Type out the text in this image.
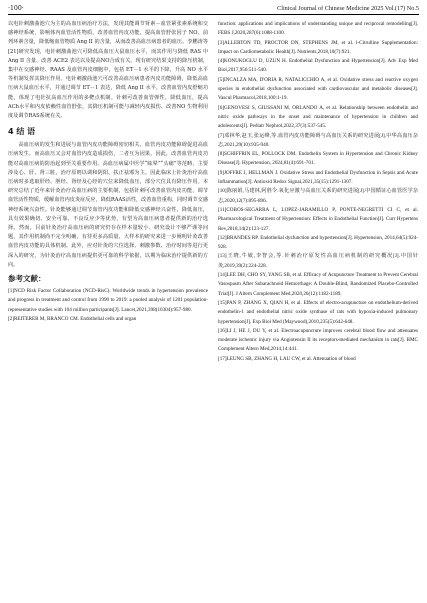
·100·	Clinical Journal of Chinese Medicine 2025 Vol.(17) No.5

以电针刺激曲池穴为主的高血压病治疗方法，发现其能调节肾素－血管紧张素系统和交感神经系统，影响体内血管活性物质，改善血管内皮功能，提高血管舒张因子 NO、前列环素含量，降低缩血管物质 Ang II 的含量，从而改善高血压病患者的血压。李鹏涛等[21]研究发现，电针刺激曲池穴可降低高血压大鼠血压水平，而其作用与降低 RAS 中 Ang II 含量、改善 ACE2 表达以及提高NO合成有关。现有研究结果支持的降压机制，集中在交感神经、RAAS 及血管内皮细胞中，包括 ET－1 水平的下降，升高 NO 水平等机制发挥其降压作用。电针刺激曲池穴可改善高血压病患者内皮功能障碍，降低高血压病大鼠血压水平，并通过调节 ET－1 表达，降低 Ang II 水平，改善血管内皮舒缩功能，体现了电针抗高血压作用的多靶点机制。针刺可改善血管弹性，降低血压，提高ACh水平和内皮依赖性血管舒张，其降压机制可能与减轻内皮损伤、改善NO 生物利用度及调节RAS系统有关。

4 结 语

高血压病的发生和进展与血管内皮功能障碍密切相关，血管内皮功能障碍促进高血压病发生，而高血压又会对血管内皮造成损伤，二者互为因果。因此，改善血管内皮功能对高血压病的防治起到至关重要作用。高血压病属中医学“眩晕”“头痛”等范畴，主要涉及心、肝、肾三脏，治疗原则以调和阴阳、扶正祛邪为主。因此临床上针灸治疗高血压病时多选取肝经、胆经、肾经及心经的穴位来降低血压，部分穴位具有降压作用。本研究总结了近年来针灸治疗高血压病的主要机制，包括针刺可改善血管内皮功能，调节血管活性物质，缓解血管内皮炎症反应，降低RAAS活性，改善血管重构，同时调节交感神经系统兴奋性。针灸能够通过调节血管内皮功能和降低交感神经兴奋性，降低血压，具有效果确切、安全可靠、不良反应少等优势，有望为高血压病患者提供新的治疗选择。然而，目前针灸治疗高血压病的研究仍存在样本量较小、研究设计不够严谨等问题，其作用机制尚不完全明确，有待更多高质量、大样本的研究来进一步阐明针灸改善血管内皮功能的具体机制。此外，应对针灸的穴位选择、刺激参数、治疗时间等进行更深入的研究，为针灸治疗高血压病提供更可靠的科学依据，以期为临床治疗提供新的方向。

参考文献：

[1]NCD Risk Factor Collaboration (NCD-RisC). Worldwide trends in hypertension prevalence and progress in treatment and control from 1990 to 2019: a pooled analysis of 1201 population-representative studies with 104 million participants[J]. Lancet,2021,398(10304):957-980.

[2]REITERER M, BRANCO CM. Endothelial cells and organ

function: applications and implications of understanding unique and reciprocal remodelling[J]. FEBS J,2020,287(6):1088-1100.

[3]ALLERTON TD, PROCTOR DN, STEPHENS JM, et al. l-Citrulline Supplementation: Impact on Cardiometabolic Health[J]. Nutrients,2018,10(7):921.

[4]KONUKOGLU D, UZUN H. Endothelial Dysfunction and Hypertension[J]. Adv Exp Med Biol,2017,956:511-540.

[5]INCALZA MA, D'ORIA R, NATALICCHIO A, et al. Oxidative stress and reactive oxygen species in endothelial dysfunction associated with cardiovascular and metabolic diseases[J]. Vascul Pharmacol,2018,100:1-19.

[6]GENOVESI S, GIUSSANI M, ORLANDO A, et al. Relationship between endothelin and nitric oxide pathways in the onset and maintenance of hypertension in children and adolescents[J]. Pediatr Nephrol,2022,37(3):537-545.

[7]邓林华,赵玉,张运峰,等.血管内皮功能障碍与高血压关系的研究进展[J].中华高血压杂志,2021,29(10):935-940.

[8]SCHIFFRIN EL, POLLOCK DM. Endothelin System in Hypertension and Chronic Kidney Disease[J]. Hypertension, 2024,81(4):691-701.

[9]JOFFRE J, HELLMAN J. Oxidative Stress and Endothelial Dysfunction in Sepsis and Acute Inflammation[J]. Antioxid Redox Signal,2021,35(15):1291-1307.

[10]陈丽娟,马建林,阿胜令.氧化应激与高血压关系的研究进展[J].中国循证心血管医学杂志,2020,12(7):895-896.

[11]COBOS-SEGARRA L, LOPEZ-JARAMILLO P, PONTE-NEGRETTI CI C, et al. Pharmacological Treatment of Hypertension: Effects in Endothelial Function[J]. Curr Hypertens Rev,2018,14(2):123-127.

[12]BRANDES RP. Endothelial dysfunction and hypertension[J]. Hypertension, 2014,64(5):924-928.

[13]王晓,牛敏,李智会,等.针刺治疗原发性高血压病机制的研究概况[J].中国针灸,2019,39(2):224-228.

[14]LEE DH, CHO SY, YANG SB, et al. Efficacy of Acupuncture Treatment to Prevent Cerebral Vasospasm After Subarachnoid Hemorrhage: A Double-Blind, Randomized Placebo-Controlled Trial[J]. J Altern Complement Med,2020,26(12):1182-1189.

[15]PAN P, ZHANG X, QIAN H, et al. Effects of electro-acupuncture on endothelium-derived endothelin-1 and endothelial nitric oxide synthase of rats with hypoxia-induced pulmonary hypertension[J]. Exp Biol Med (Maywood),2010,235(5):642-648.

[16]LI J, HE J, DU Y, et al. Electroacupuncture improves cerebral blood flow and attenuates moderate ischemic injury via Angiotensin II its receptors-mediated mechanism in rats[J]. BMC Complement Altern Med,2014,14:441.

[17]LEUNG SB, ZHANG H, LAU CW, et al. Attenuation of blood
